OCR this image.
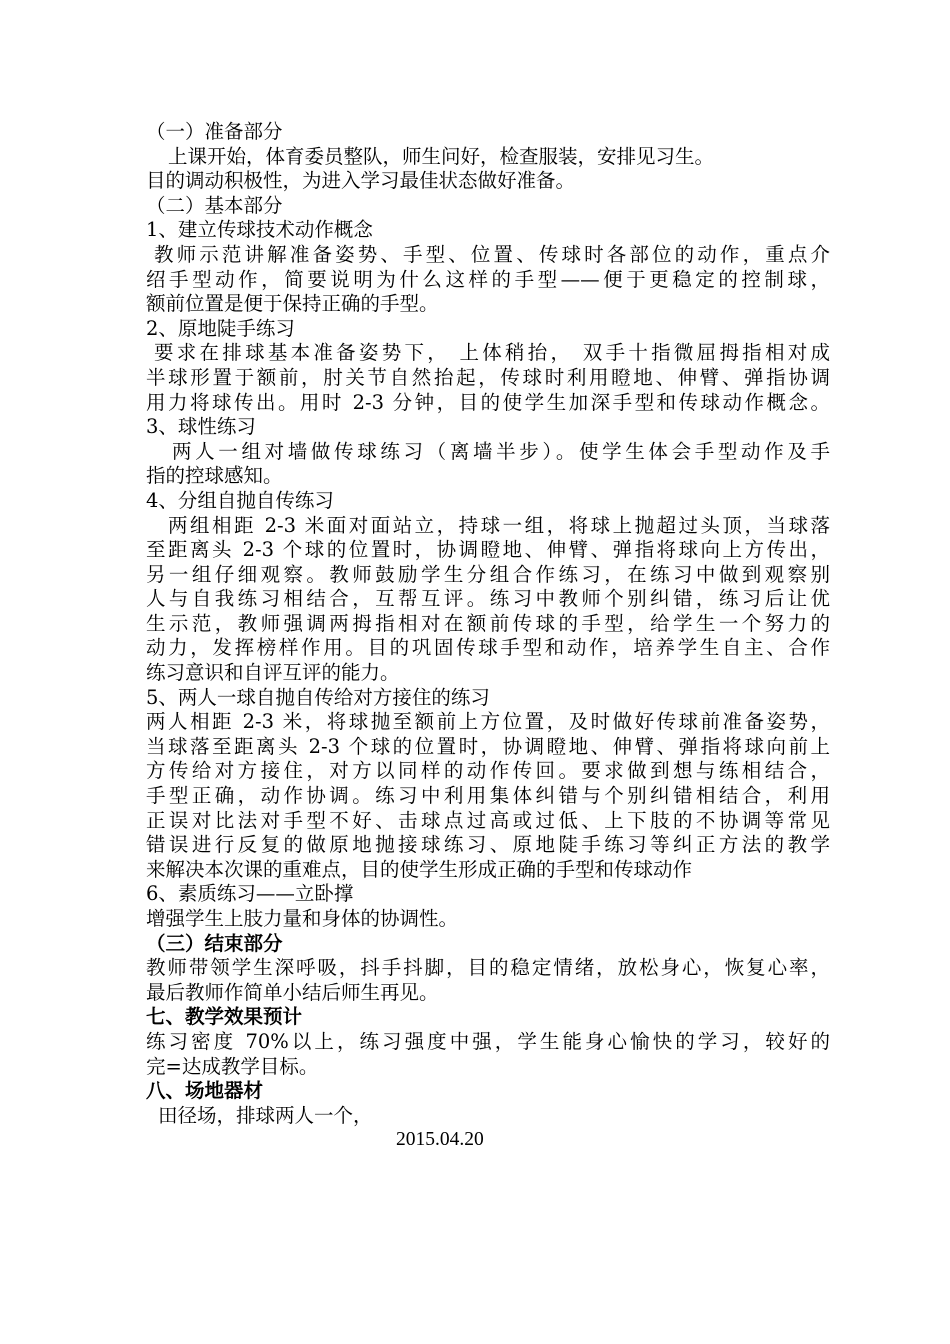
（一）准备部分
上课开始，体育委员整队，师生问好，检查服装，安排见习生。
目的调动积极性，为进入学习最佳状态做好准备。
（二）基本部分
1、建立传球技术动作概念
教师示范讲解准备姿势、手型、位置、传球时各部位的动作，重点介
绍手型动作，简要说明为什么这样的手型——便于更稳定的控制球，
额前位置是便于保持正确的手型。
2、原地陡手练习
要求在排球基本准备姿势下， 上体稍抬， 双手十指微屈拇指相对成
半球形置于额前，肘关节自然抬起，传球时利用瞪地、伸臂、弹指协调
用力将球传出。用时 2-3 分钟，目的使学生加深手型和传球动作概念。
3、球性练习
两人一组对墙做传球练习（离墙半步）。使学生体会手型动作及手
指的控球感知。
4、分组自抛自传练习
两组相距 2-3 米面对面站立，持球一组，将球上抛超过头顶，当球落
至距离头 2-3 个球的位置时，协调瞪地、伸臂、弹指将球向上方传出，
另一组仔细观察。教师鼓励学生分组合作练习，在练习中做到观察别
人与自我练习相结合，互帮互评。练习中教师个别纠错，练习后让优
生示范，教师强调两拇指相对在额前传球的手型，给学生一个努力的
动力，发挥榜样作用。目的巩固传球手型和动作，培养学生自主、合作
练习意识和自评互评的能力。
5、两人一球自抛自传给对方接住的练习
两人相距 2-3 米，将球抛至额前上方位置，及时做好传球前准备姿势，
当球落至距离头 2-3 个球的位置时，协调瞪地、伸臂、弹指将球向前上
方传给对方接住，对方以同样的动作传回。要求做到想与练相结合，
手型正确，动作协调。练习中利用集体纠错与个别纠错相结合，利用
正误对比法对手型不好、击球点过高或过低、上下肢的不协调等常见
错误进行反复的做原地抛接球练习、原地陡手练习等纠正方法的教学
来解决本次课的重难点，目的使学生形成正确的手型和传球动作
6、素质练习——立卧撑
增强学生上肢力量和身体的协调性。
（三）结束部分
教师带领学生深呼吸，抖手抖脚，目的稳定情绪，放松身心，恢复心率，
最后教师作简单小结后师生再见。
七、教学效果预计
练习密度 70%以上，练习强度中强，学生能身心愉快的学习，较好的
完=达成教学目标。
八、场地器材
田径场，排球两人一个，
2015.04.20
